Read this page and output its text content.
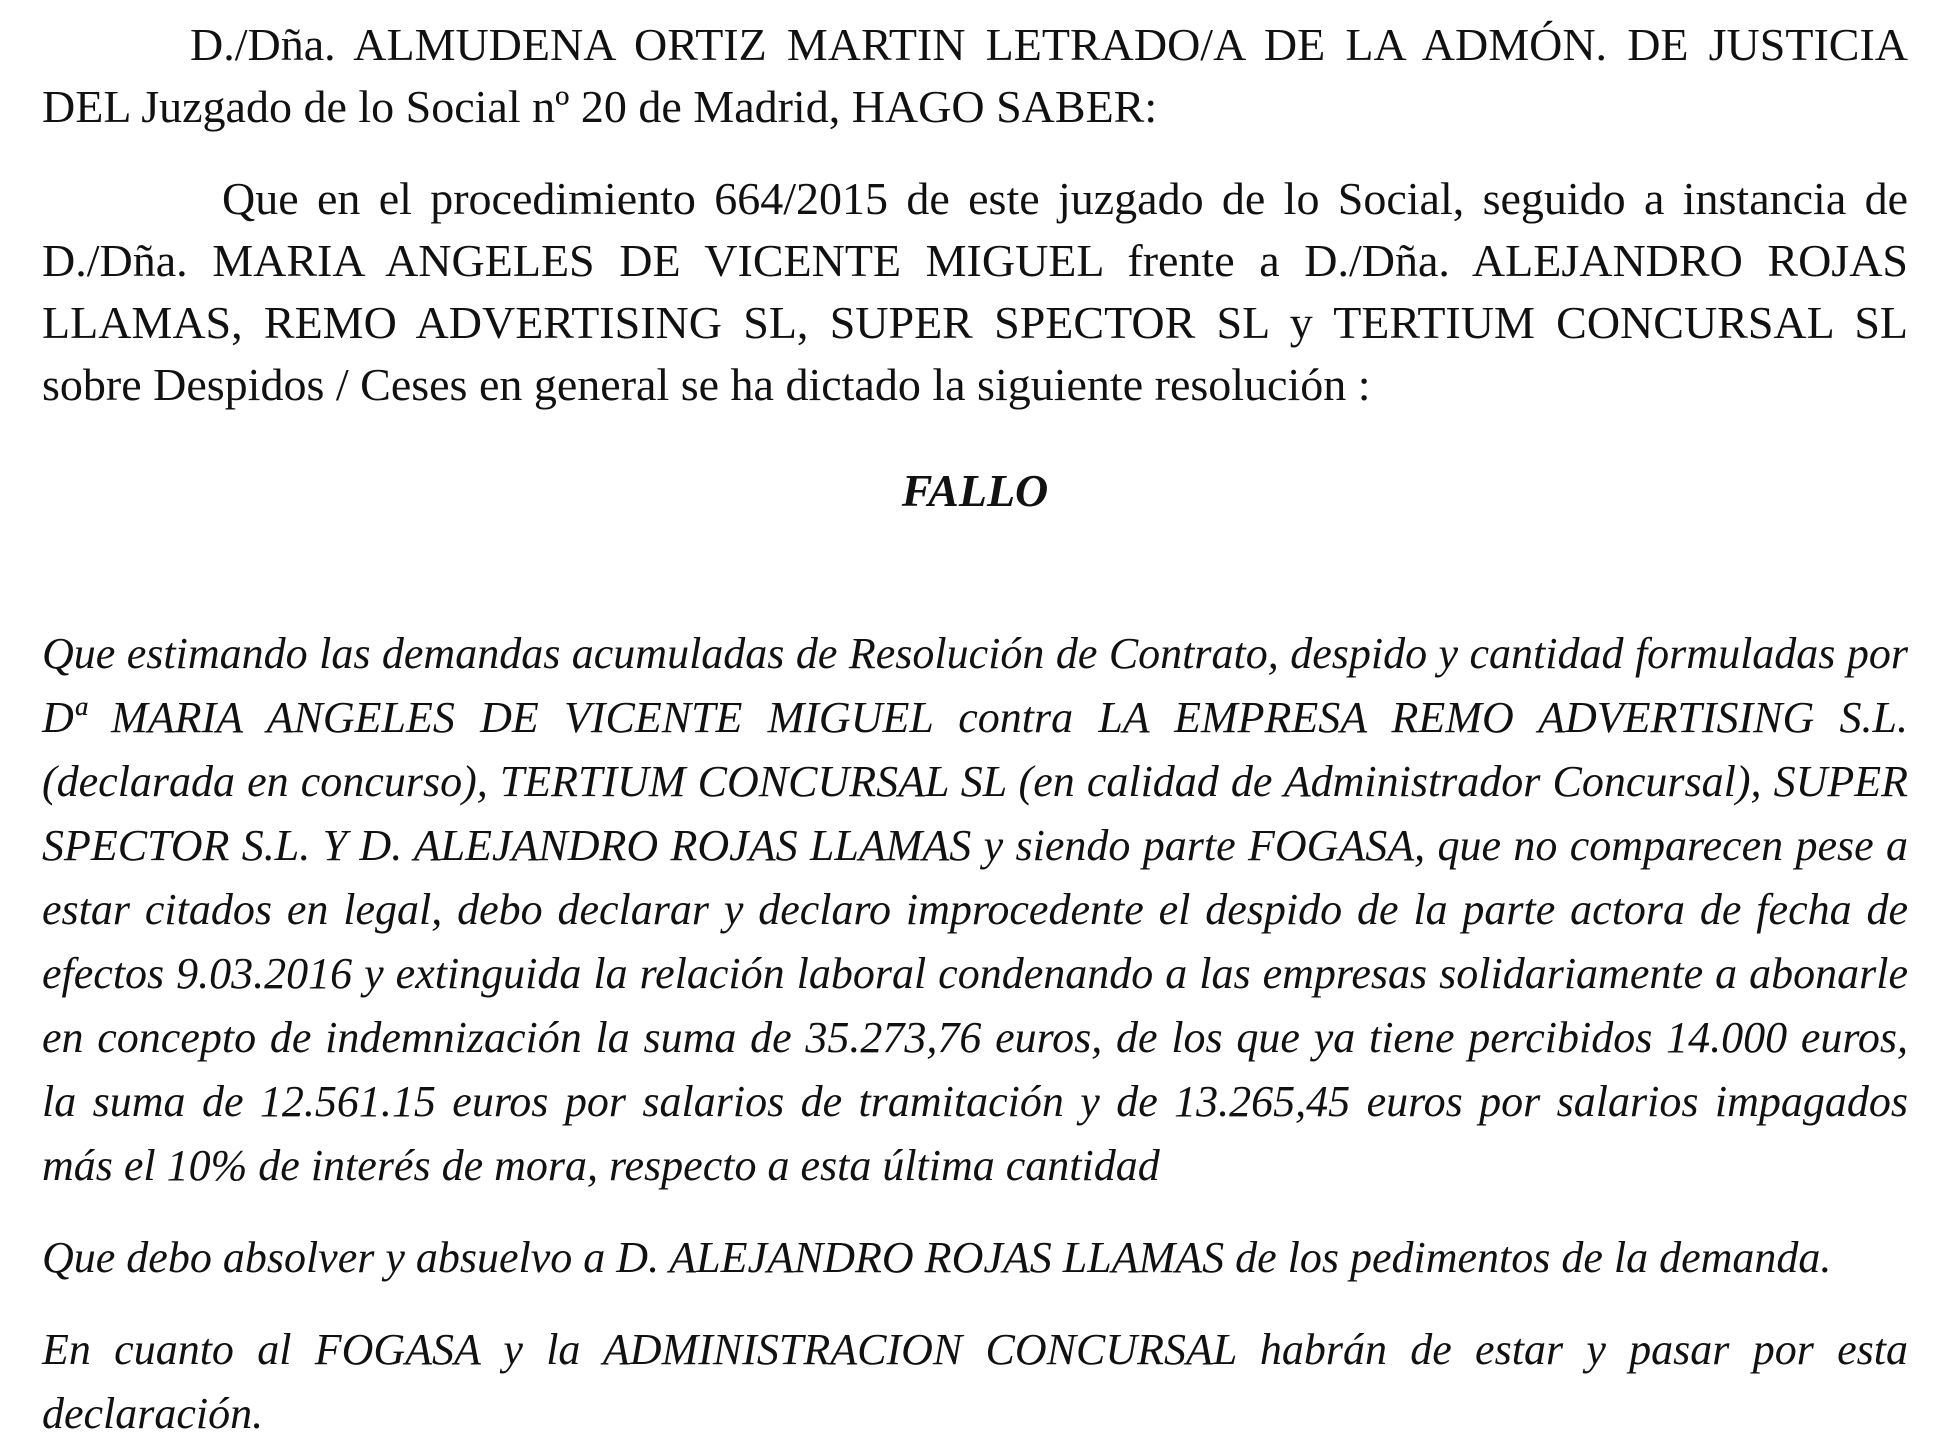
D./Dña. ALMUDENA ORTIZ MARTIN LETRADO/A DE LA ADMÓN. DE JUSTICIA DEL Juzgado de lo Social nº 20 de Madrid, HAGO SABER:

Que en el procedimiento 664/2015 de este juzgado de lo Social, seguido a instancia de D./Dña. MARIA ANGELES DE VICENTE MIGUEL frente a D./Dña. ALEJANDRO ROJAS LLAMAS, REMO ADVERTISING SL, SUPER SPECTOR SL y TERTIUM CONCURSAL SL sobre Despidos / Ceses en general se ha dictado la siguiente resolución :

FALLO

Que estimando las demandas acumuladas de Resolución de Contrato, despido y cantidad formuladas por Dª MARIA ANGELES DE VICENTE MIGUEL contra LA EMPRESA REMO ADVERTISING S.L. (declarada en concurso), TERTIUM CONCURSAL SL (en calidad de Administrador Concursal), SUPER SPECTOR S.L. Y D. ALEJANDRO ROJAS LLAMAS y siendo parte FOGASA, que no comparecen pese a estar citados en legal, debo declarar y declaro improcedente el despido de la parte actora de fecha de efectos 9.03.2016 y extinguida la relación laboral condenando a las empresas solidariamente a abonarle en concepto de indemnización la suma de 35.273,76 euros, de los que ya tiene percibidos 14.000 euros, la suma de 12.561.15 euros por salarios de tramitación y de 13.265,45 euros por salarios impagados más el 10% de interés de mora, respecto a esta última cantidad

Que debo absolver y absuelvo a D. ALEJANDRO ROJAS LLAMAS de los pedimentos de la demanda.

En cuanto al FOGASA y la ADMINISTRACION CONCURSAL habrán de estar y pasar por esta declaración.
